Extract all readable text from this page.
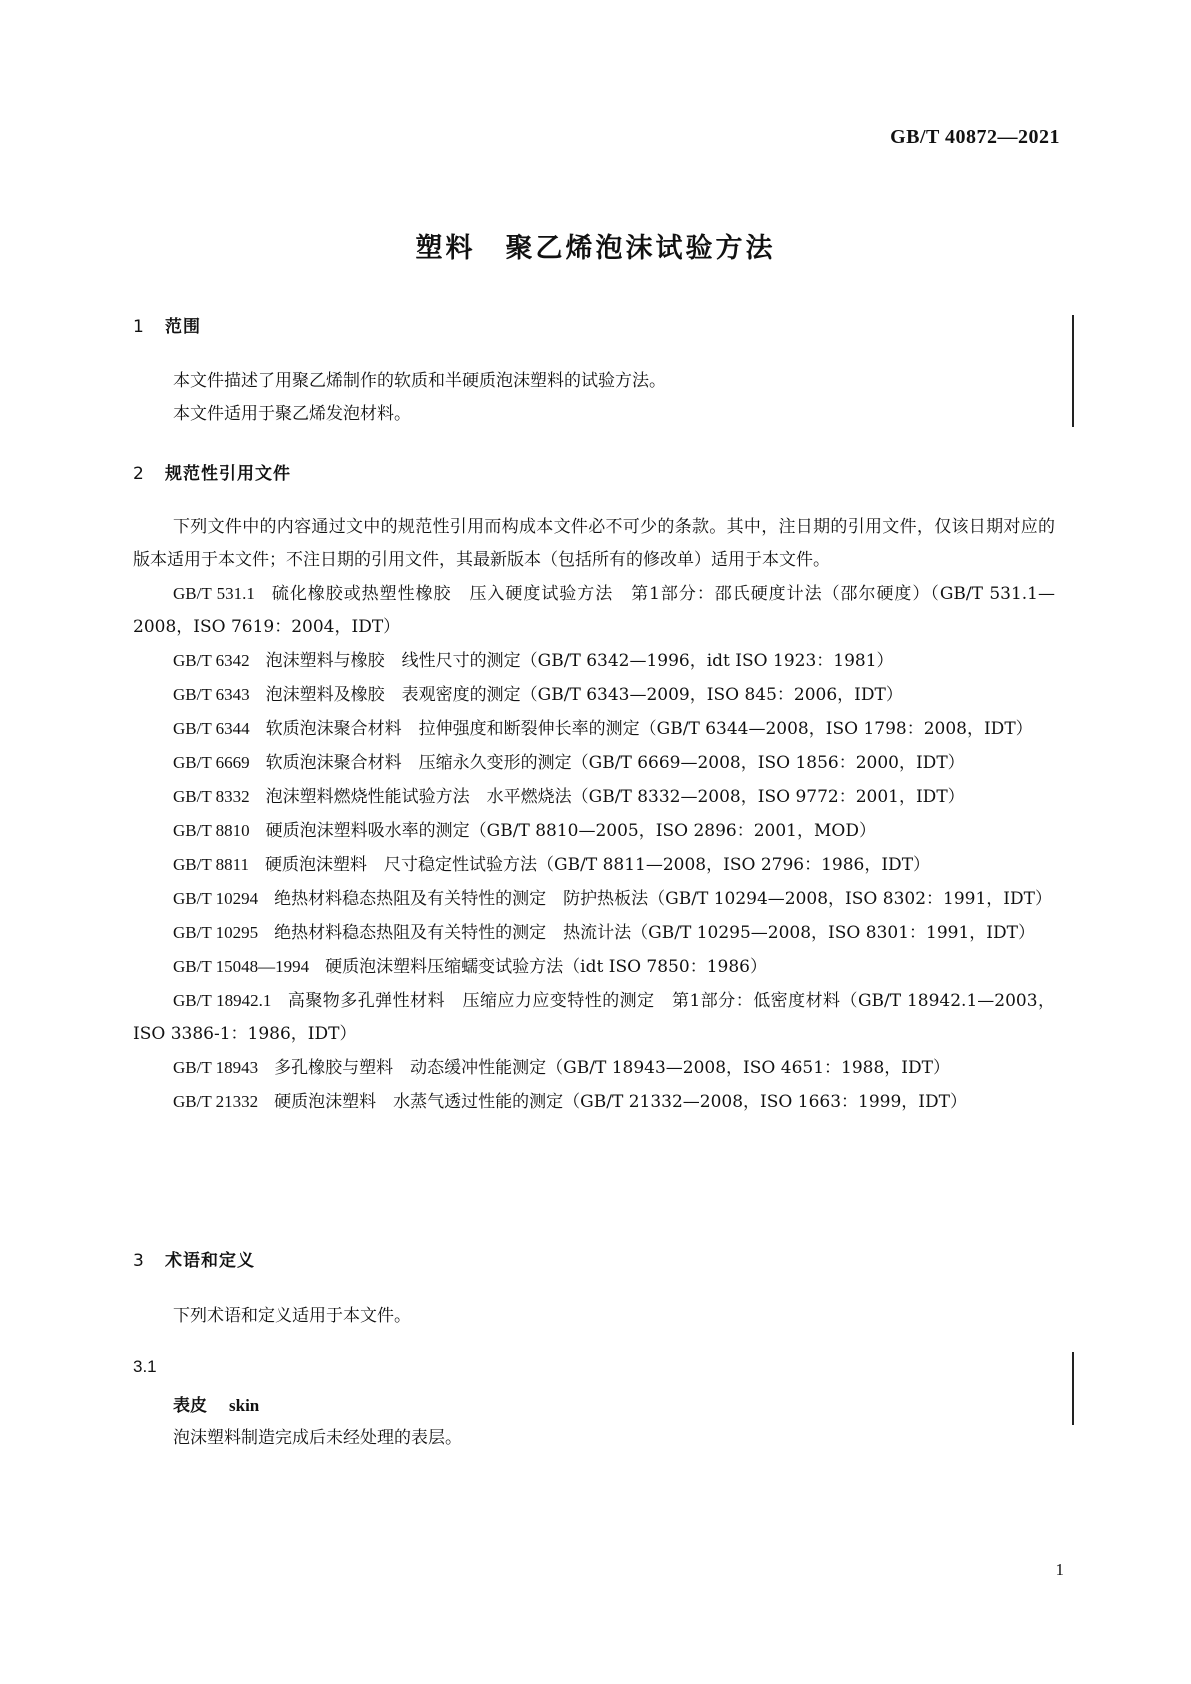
GB/T 40872—2021
塑料 聚乙烯泡沫试验方法
1 范围

本文件描述了用聚乙烯制作的软质和半硬质泡沫塑料的试验方法。

本文件适用于聚乙烯发泡材料。

2 规范性引用文件

下列文件中的内容通过文中的规范性引用而构成本文件必不可少的条款。其中，注日期的引用文件，仅该日期对应的版本适用于本文件；不注日期的引用文件，其最新版本（包括所有的修改单）适用于本文件。

GB/T 531.1 硫化橡胶或热塑性橡胶　压入硬度试验方法　第1部分：邵氏硬度计法（邵尔硬度）（GB/T 531.1—2008，ISO 7619：2004，IDT）

GB/T 6342 泡沫塑料与橡胶　线性尺寸的测定（GB/T 6342—1996，idt ISO 1923：1981）

GB/T 6343 泡沫塑料及橡胶　表观密度的测定（GB/T 6343—2009，ISO 845：2006，IDT）

GB/T 6344 软质泡沫聚合材料　拉伸强度和断裂伸长率的测定（GB/T 6344—2008，ISO 1798：2008，IDT）

GB/T 6669 软质泡沫聚合材料　压缩永久变形的测定（GB/T 6669—2008，ISO 1856：2000，IDT）

GB/T 8332 泡沫塑料燃烧性能试验方法　水平燃烧法（GB/T 8332—2008，ISO 9772：2001，IDT）

GB/T 8810 硬质泡沫塑料吸水率的测定（GB/T 8810—2005，ISO 2896：2001，MOD）

GB/T 8811 硬质泡沫塑料　尺寸稳定性试验方法（GB/T 8811—2008，ISO 2796：1986，IDT）

GB/T 10294 绝热材料稳态热阻及有关特性的测定　防护热板法（GB/T 10294—2008，ISO 8302：1991，IDT）

GB/T 10295 绝热材料稳态热阻及有关特性的测定　热流计法（GB/T 10295—2008，ISO 8301：1991，IDT）

GB/T 15048—1994 硬质泡沫塑料压缩蠕变试验方法（idt ISO 7850：1986）

GB/T 18942.1 高聚物多孔弹性材料　压缩应力应变特性的测定　第1部分：低密度材料（GB/T 18942.1—2003，ISO 3386-1：1986，IDT）

GB/T 18943 多孔橡胶与塑料　动态缓冲性能测定（GB/T 18943—2008，ISO 4651：1988，IDT）

GB/T 21332 硬质泡沫塑料　水蒸气透过性能的测定（GB/T 21332—2008，ISO 1663：1999，IDT）

3 术语和定义

下列术语和定义适用于本文件。

3.1
表皮 skin
泡沫塑料制造完成后未经处理的表层。
1
